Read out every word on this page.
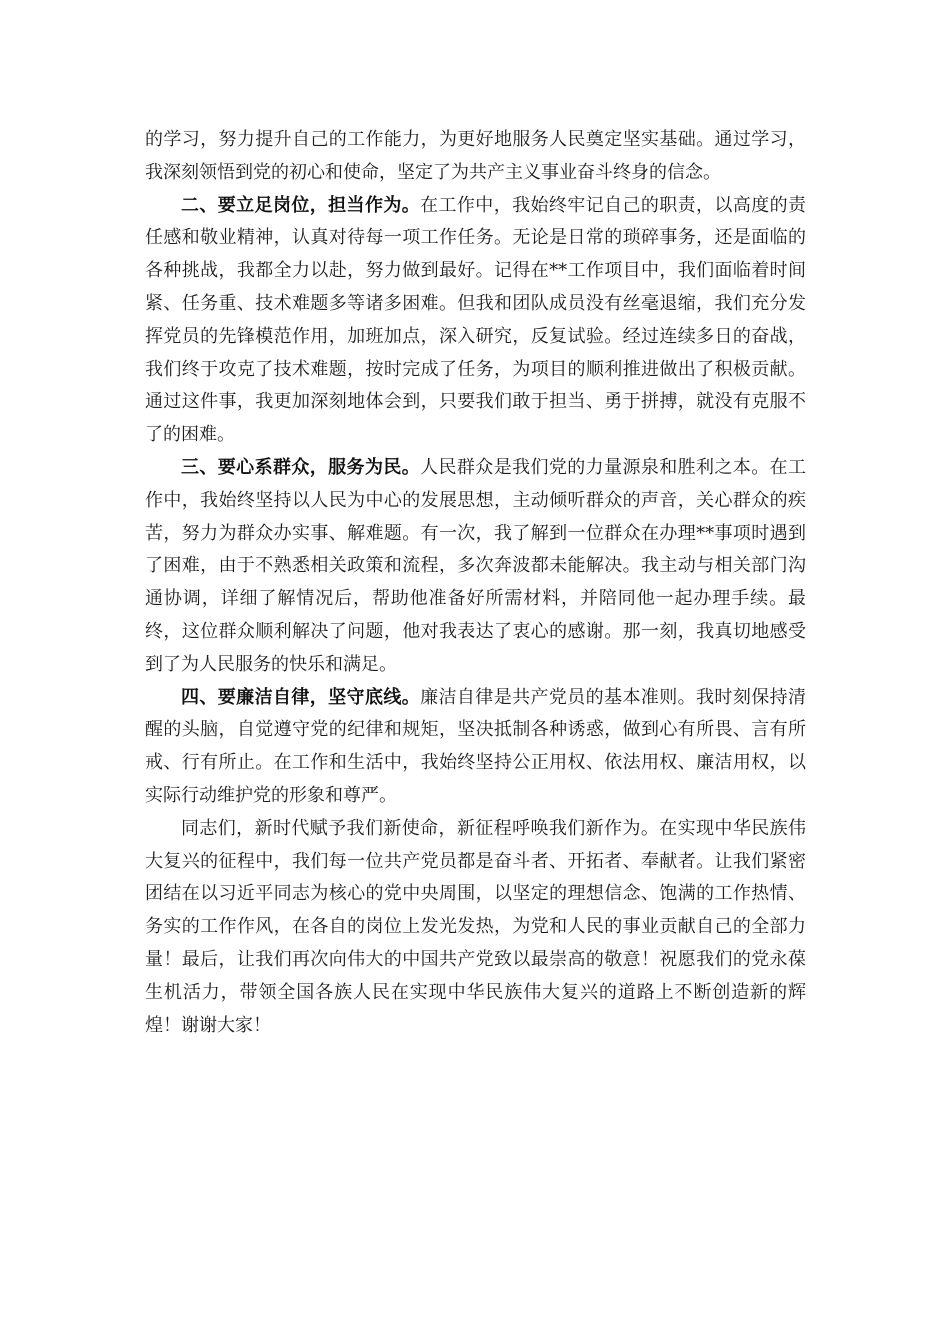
的学习，努力提升自己的工作能力，为更好地服务人民奠定坚实基础。通过学习，我深刻领悟到党的初心和使命，坚定了为共产主义事业奋斗终身的信念。

二、要立足岗位，担当作为。在工作中，我始终牢记自己的职责，以高度的责任感和敬业精神，认真对待每一项工作任务。无论是日常的琐碎事务，还是面临的各种挑战，我都全力以赴，努力做到最好。记得在**工作项目中，我们面临着时间紧、任务重、技术难题多等诸多困难。但我和团队成员没有丝毫退缩，我们充分发挥党员的先锋模范作用，加班加点，深入研究，反复试验。经过连续多日的奋战，我们终于攻克了技术难题，按时完成了任务，为项目的顺利推进做出了积极贡献。通过这件事，我更加深刻地体会到，只要我们敢于担当、勇于拼搏，就没有克服不了的困难。

三、要心系群众，服务为民。人民群众是我们党的力量源泉和胜利之本。在工作中，我始终坚持以人民为中心的发展思想，主动倾听群众的声音，关心群众的疾苦，努力为群众办实事、解难题。有一次，我了解到一位群众在办理**事项时遇到了困难，由于不熟悉相关政策和流程，多次奔波都未能解决。我主动与相关部门沟通协调，详细了解情况后，帮助他准备好所需材料，并陪同他一起办理手续。最终，这位群众顺利解决了问题，他对我表达了衷心的感谢。那一刻，我真切地感受到了为人民服务的快乐和满足。

四、要廉洁自律，坚守底线。廉洁自律是共产党员的基本准则。我时刻保持清醒的头脑，自觉遵守党的纪律和规矩，坚决抵制各种诱惑，做到心有所畏、言有所戒、行有所止。在工作和生活中，我始终坚持公正用权、依法用权、廉洁用权，以实际行动维护党的形象和尊严。

同志们，新时代赋予我们新使命，新征程呼唤我们新作为。在实现中华民族伟大复兴的征程中，我们每一位共产党员都是奋斗者、开拓者、奉献者。让我们紧密团结在以习近平同志为核心的党中央周围，以坚定的理想信念、饱满的工作热情、务实的工作作风，在各自的岗位上发光发热，为党和人民的事业贡献自己的全部力量！最后，让我们再次向伟大的中国共产党致以最崇高的敬意！祝愿我们的党永葆生机活力，带领全国各族人民在实现中华民族伟大复兴的道路上不断创造新的辉煌！谢谢大家！
